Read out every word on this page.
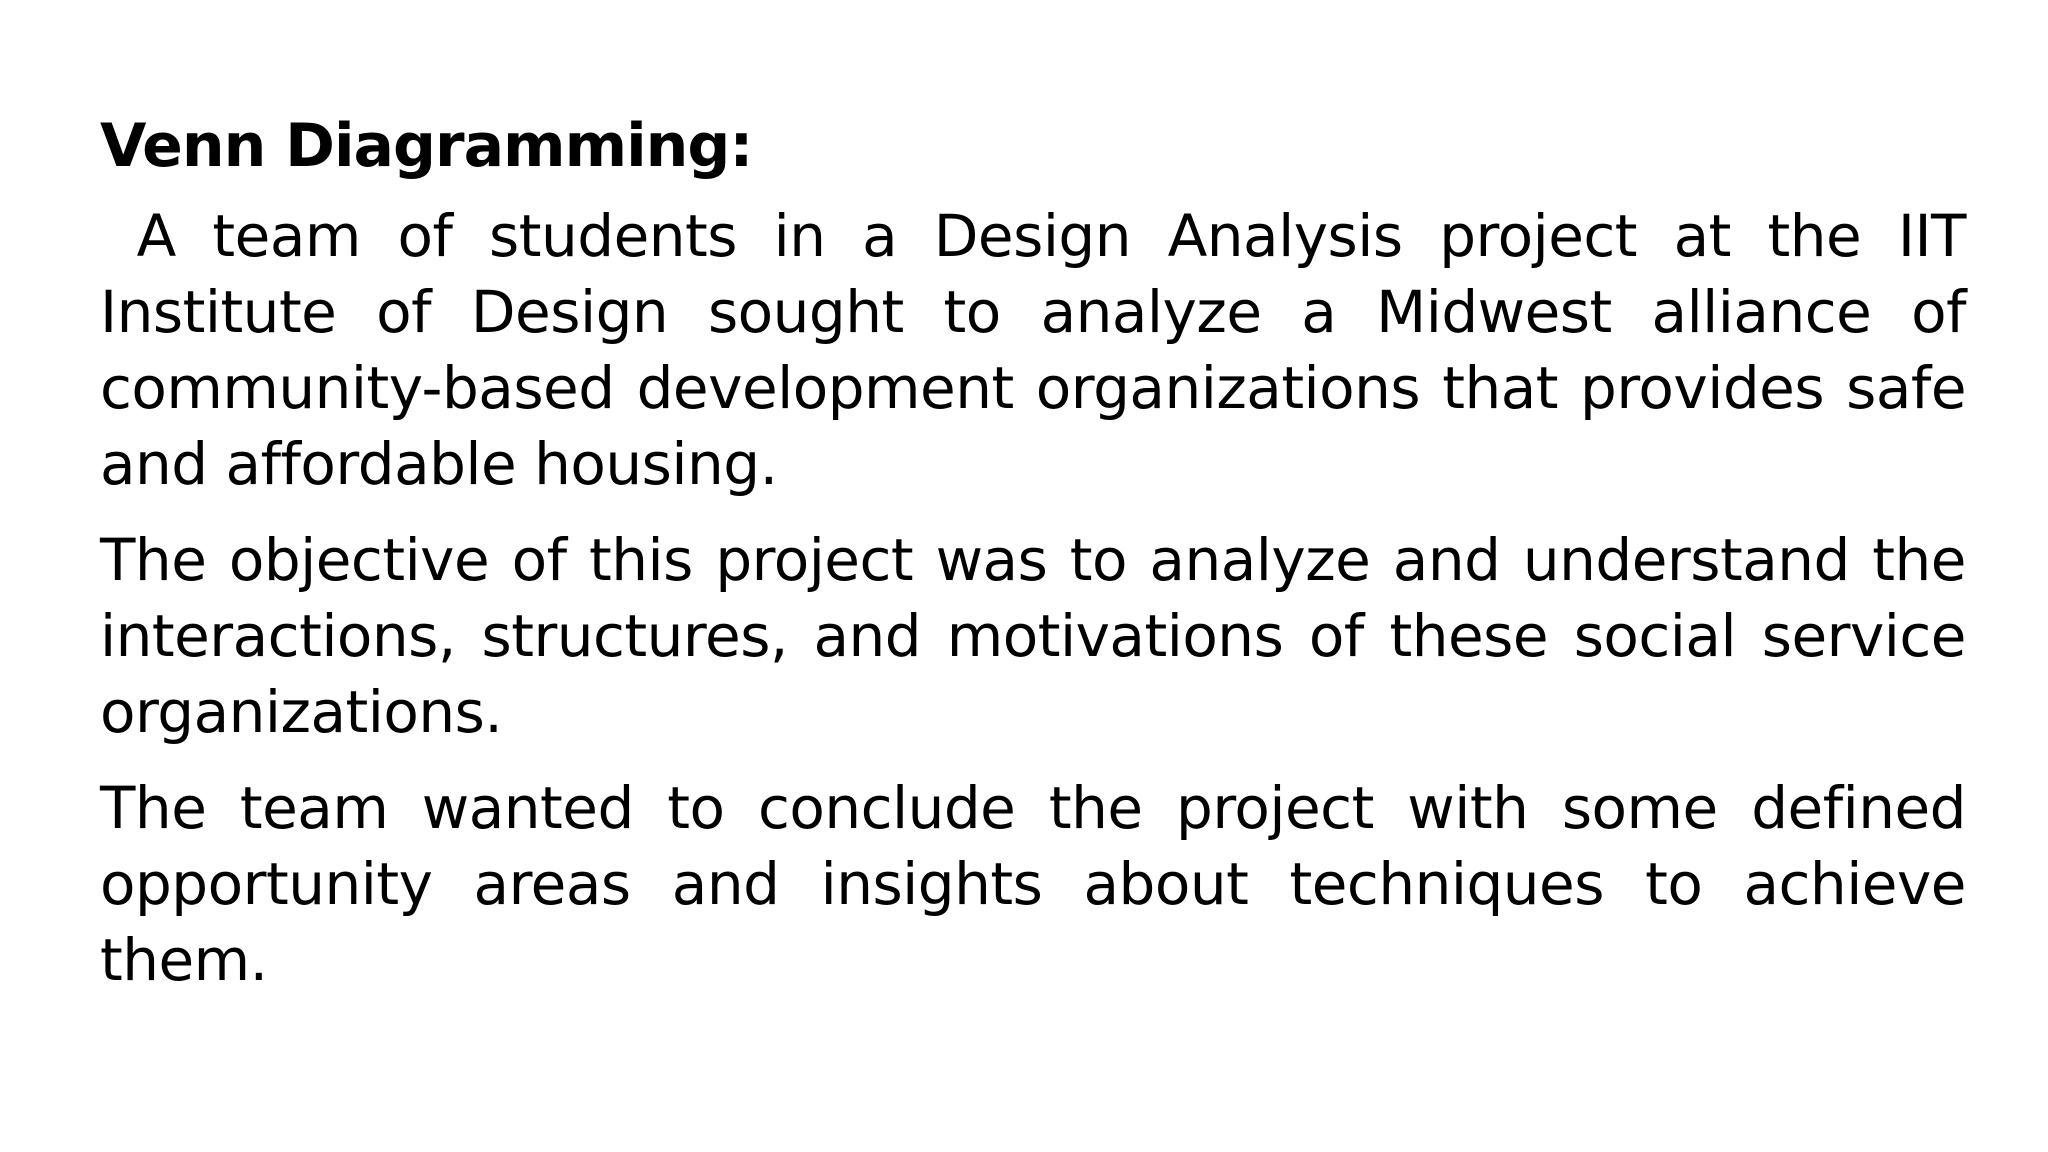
Venn Diagramming:

A team of students in a Design Analysis project at the IIT Institute of Design sought to analyze a Midwest alliance of community-based development organizations that provides safe and affordable housing.

The objective of this project was to analyze and understand the interactions, structures, and motivations of these social service organizations.

The team wanted to conclude the project with some defined opportunity areas and insights about techniques to achieve them.
